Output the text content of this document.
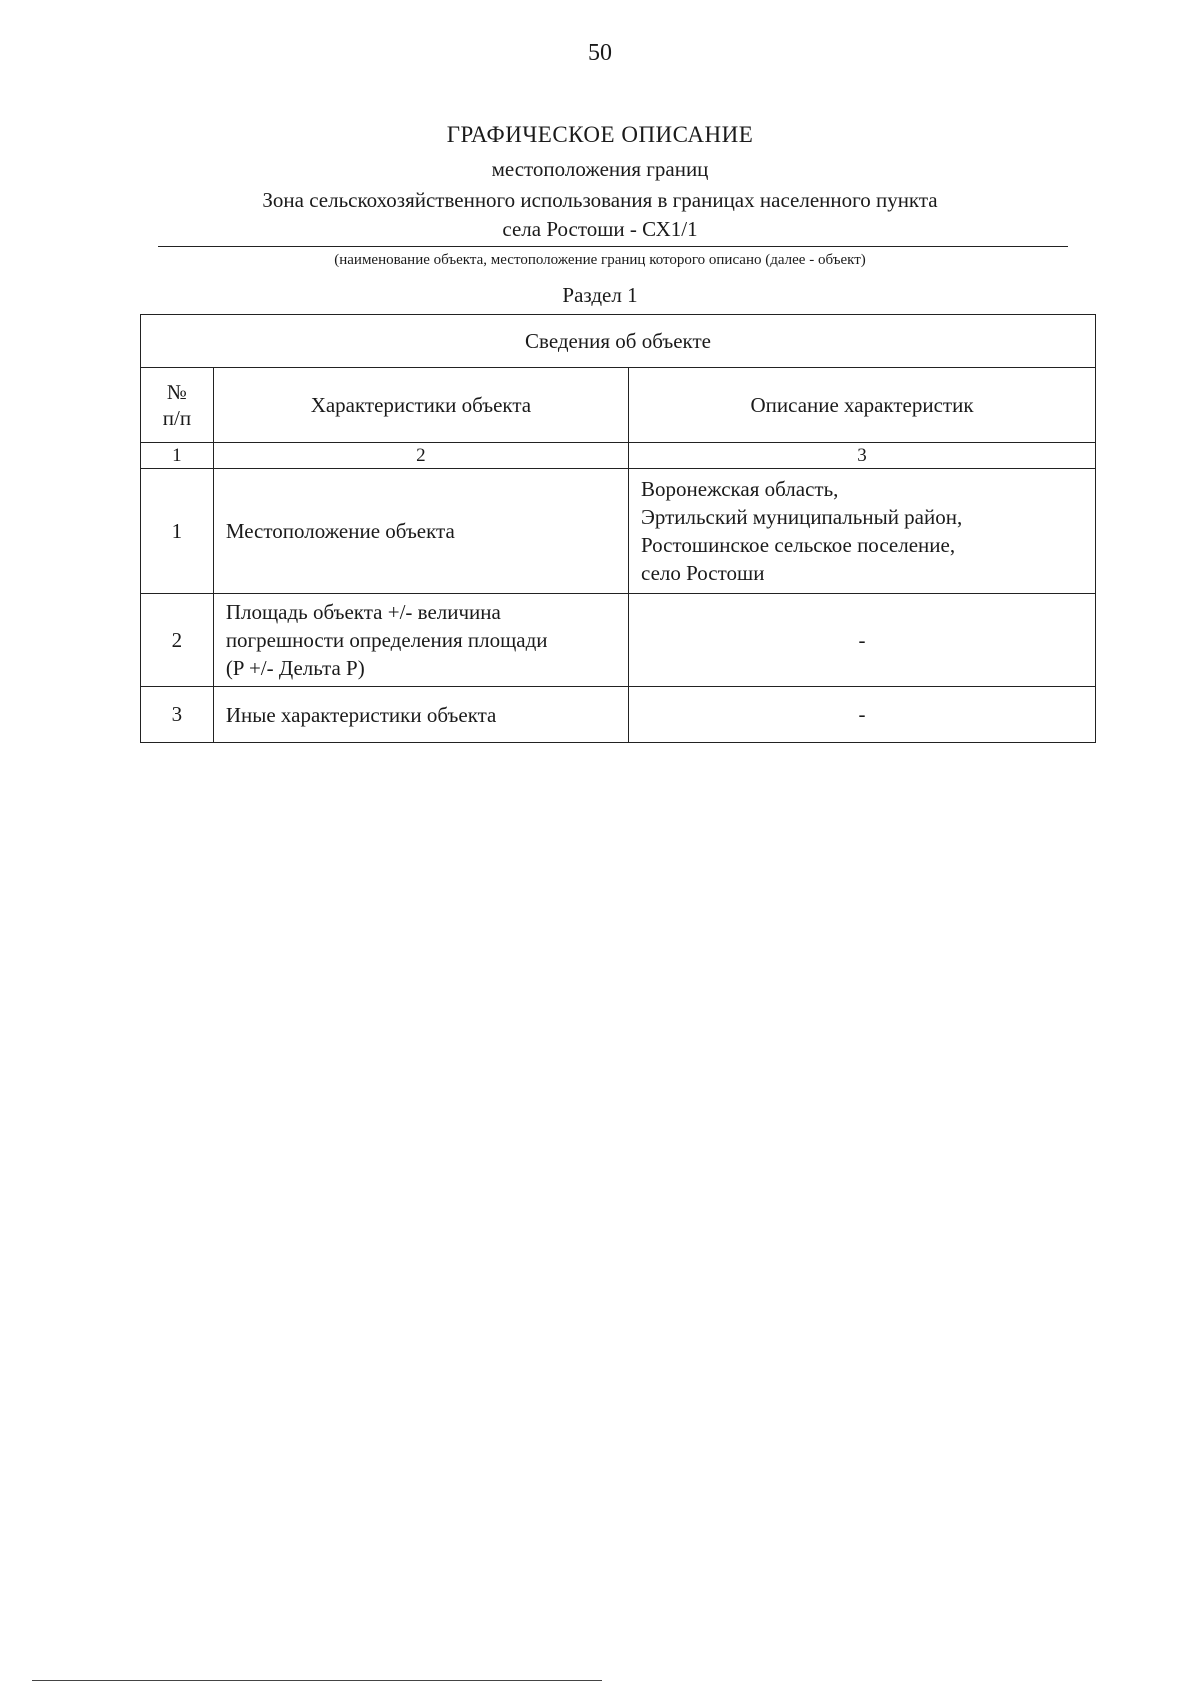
50
ГРАФИЧЕСКОЕ ОПИСАНИЕ
местоположения границ
Зона сельскохозяйственного использования в границах населенного пункта
села Ростоши - СХ1/1
(наименование объекта, местоположение границ которого описано (далее - объект)
Раздел 1
Сведения об объекте		

№
п/п	Характеристики объекта	Описание характеристик
1	2	3
1	Местоположение объекта	Воронежская область,
Эртильский муниципальный район,
Ростошинское сельское поселение,
село Ростоши

2	Площадь объекта +/- величина
погрешности определения площади
(P +/- Дельта P)	-
3	Иные характеристики объекта	-
